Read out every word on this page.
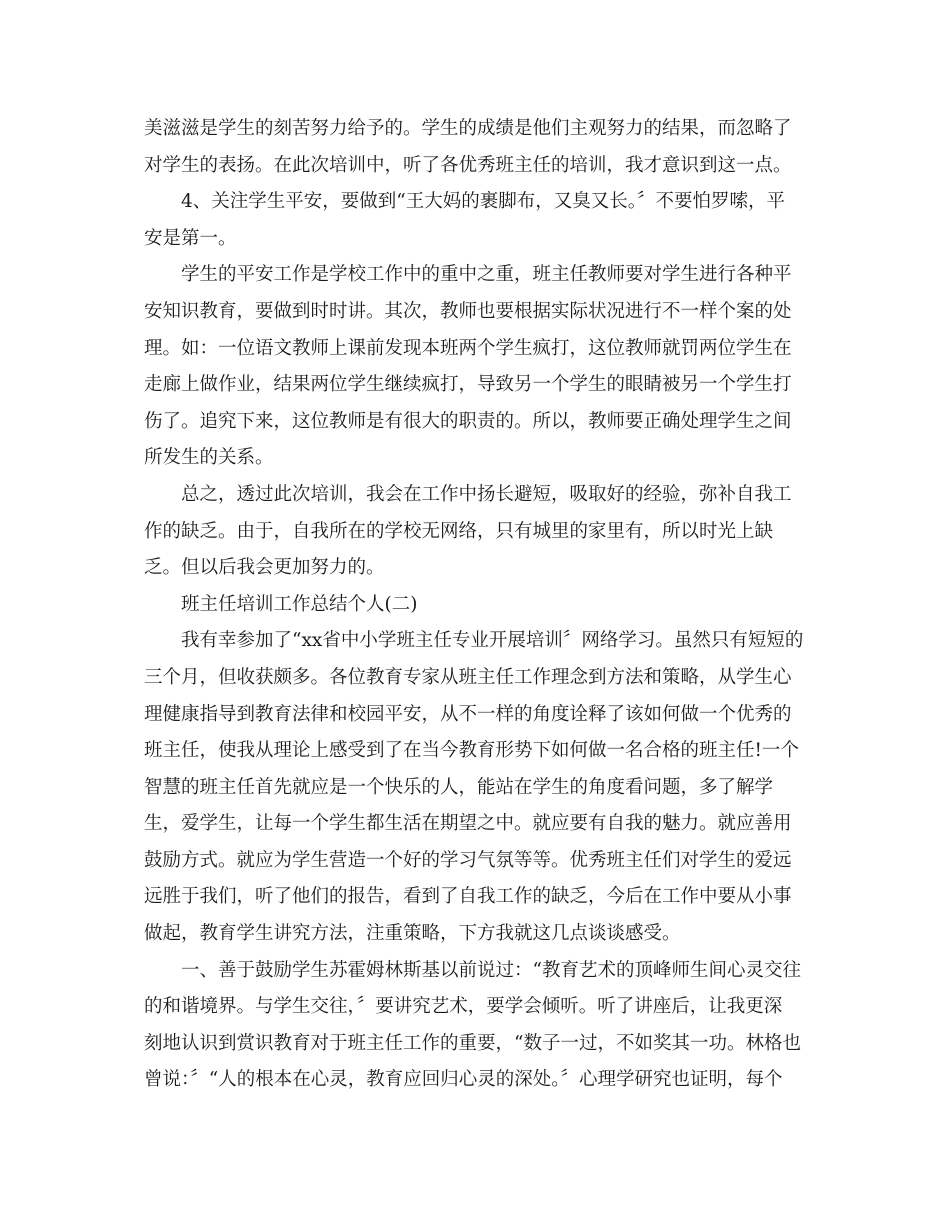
美滋滋是学生的刻苦努力给予的。学生的成绩是他们主观努力的结果，而忽略了
对学生的表扬。在此次培训中，听了各优秀班主任的培训，我才意识到这一点。
4、关注学生平安，要做到“王大妈的裹脚布，又臭又长。〞不要怕罗嗦，平
安是第一。
学生的平安工作是学校工作中的重中之重，班主任教师要对学生进行各种平
安知识教育，要做到时时讲。其次，教师也要根据实际状况进行不一样个案的处
理。如：一位语文教师上课前发现本班两个学生疯打，这位教师就罚两位学生在
走廊上做作业，结果两位学生继续疯打，导致另一个学生的眼睛被另一个学生打
伤了。追究下来，这位教师是有很大的职责的。所以，教师要正确处理学生之间
所发生的关系。
总之，透过此次培训，我会在工作中扬长避短，吸取好的经验，弥补自我工
作的缺乏。由于，自我所在的学校无网络，只有城里的家里有，所以时光上缺
乏。但以后我会更加努力的。
班主任培训工作总结个人(二)
我有幸参加了“xx省中小学班主任专业开展培训〞网络学习。虽然只有短短的
三个月，但收获颇多。各位教育专家从班主任工作理念到方法和策略，从学生心
理健康指导到教育法律和校园平安，从不一样的角度诠释了该如何做一个优秀的
班主任，使我从理论上感受到了在当今教育形势下如何做一名合格的班主任!一个
智慧的班主任首先就应是一个快乐的人，能站在学生的角度看问题，多了解学
生，爱学生，让每一个学生都生活在期望之中。就应要有自我的魅力。就应善用
鼓励方式。就应为学生营造一个好的学习气氛等等。优秀班主任们对学生的爱远
远胜于我们，听了他们的报告，看到了自我工作的缺乏，今后在工作中要从小事
做起，教育学生讲究方法，注重策略，下方我就这几点谈谈感受。
一、善于鼓励学生苏霍姆林斯基以前说过：“教育艺术的顶峰师生间心灵交往
的和谐境界。与学生交往，〞要讲究艺术，要学会倾听。听了讲座后，让我更深
刻地认识到赏识教育对于班主任工作的重要，“数子一过，不如奖其一功。林格也
曾说：〞“人的根本在心灵，教育应回归心灵的深处。〞心理学研究也证明，每个
